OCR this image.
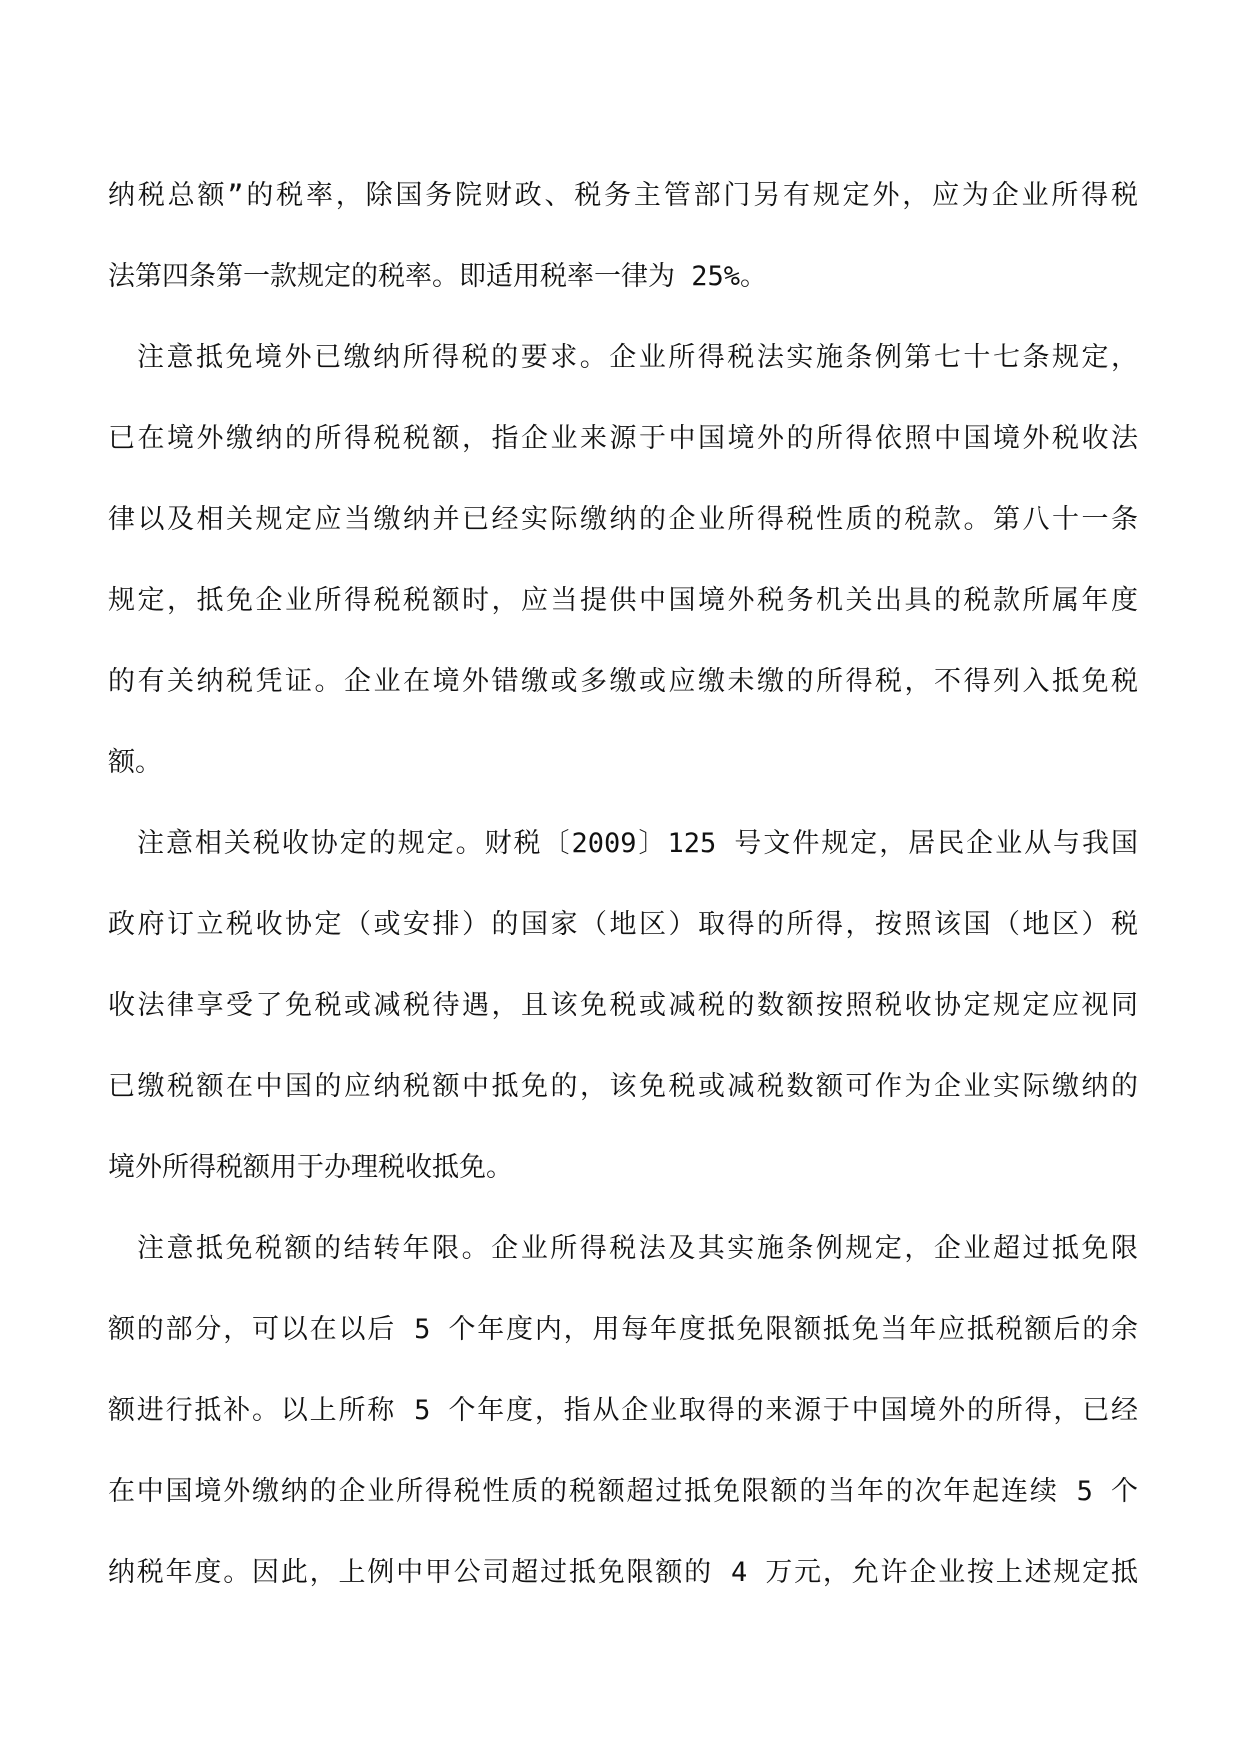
纳税总额”的税率，除国务院财政、税务主管部门另有规定外，应为企业所得税
法第四条第一款规定的税率。即适用税率一律为 25%。
注意抵免境外已缴纳所得税的要求。企业所得税法实施条例第七十七条规定，
已在境外缴纳的所得税税额，指企业来源于中国境外的所得依照中国境外税收法
律以及相关规定应当缴纳并已经实际缴纳的企业所得税性质的税款。第八十一条
规定，抵免企业所得税税额时，应当提供中国境外税务机关出具的税款所属年度
的有关纳税凭证。企业在境外错缴或多缴或应缴未缴的所得税，不得列入抵免税
额。
注意相关税收协定的规定。财税〔2009〕125 号文件规定，居民企业从与我国
政府订立税收协定（或安排）的国家（地区）取得的所得，按照该国（地区）税
收法律享受了免税或减税待遇，且该免税或减税的数额按照税收协定规定应视同
已缴税额在中国的应纳税额中抵免的，该免税或减税数额可作为企业实际缴纳的
境外所得税额用于办理税收抵免。
注意抵免税额的结转年限。企业所得税法及其实施条例规定，企业超过抵免限
额的部分，可以在以后 5 个年度内，用每年度抵免限额抵免当年应抵税额后的余
额进行抵补。以上所称 5 个年度，指从企业取得的来源于中国境外的所得，已经
在中国境外缴纳的企业所得税性质的税额超过抵免限额的当年的次年起连续 5 个
纳税年度。因此，上例中甲公司超过抵免限额的 4 万元，允许企业按上述规定抵
